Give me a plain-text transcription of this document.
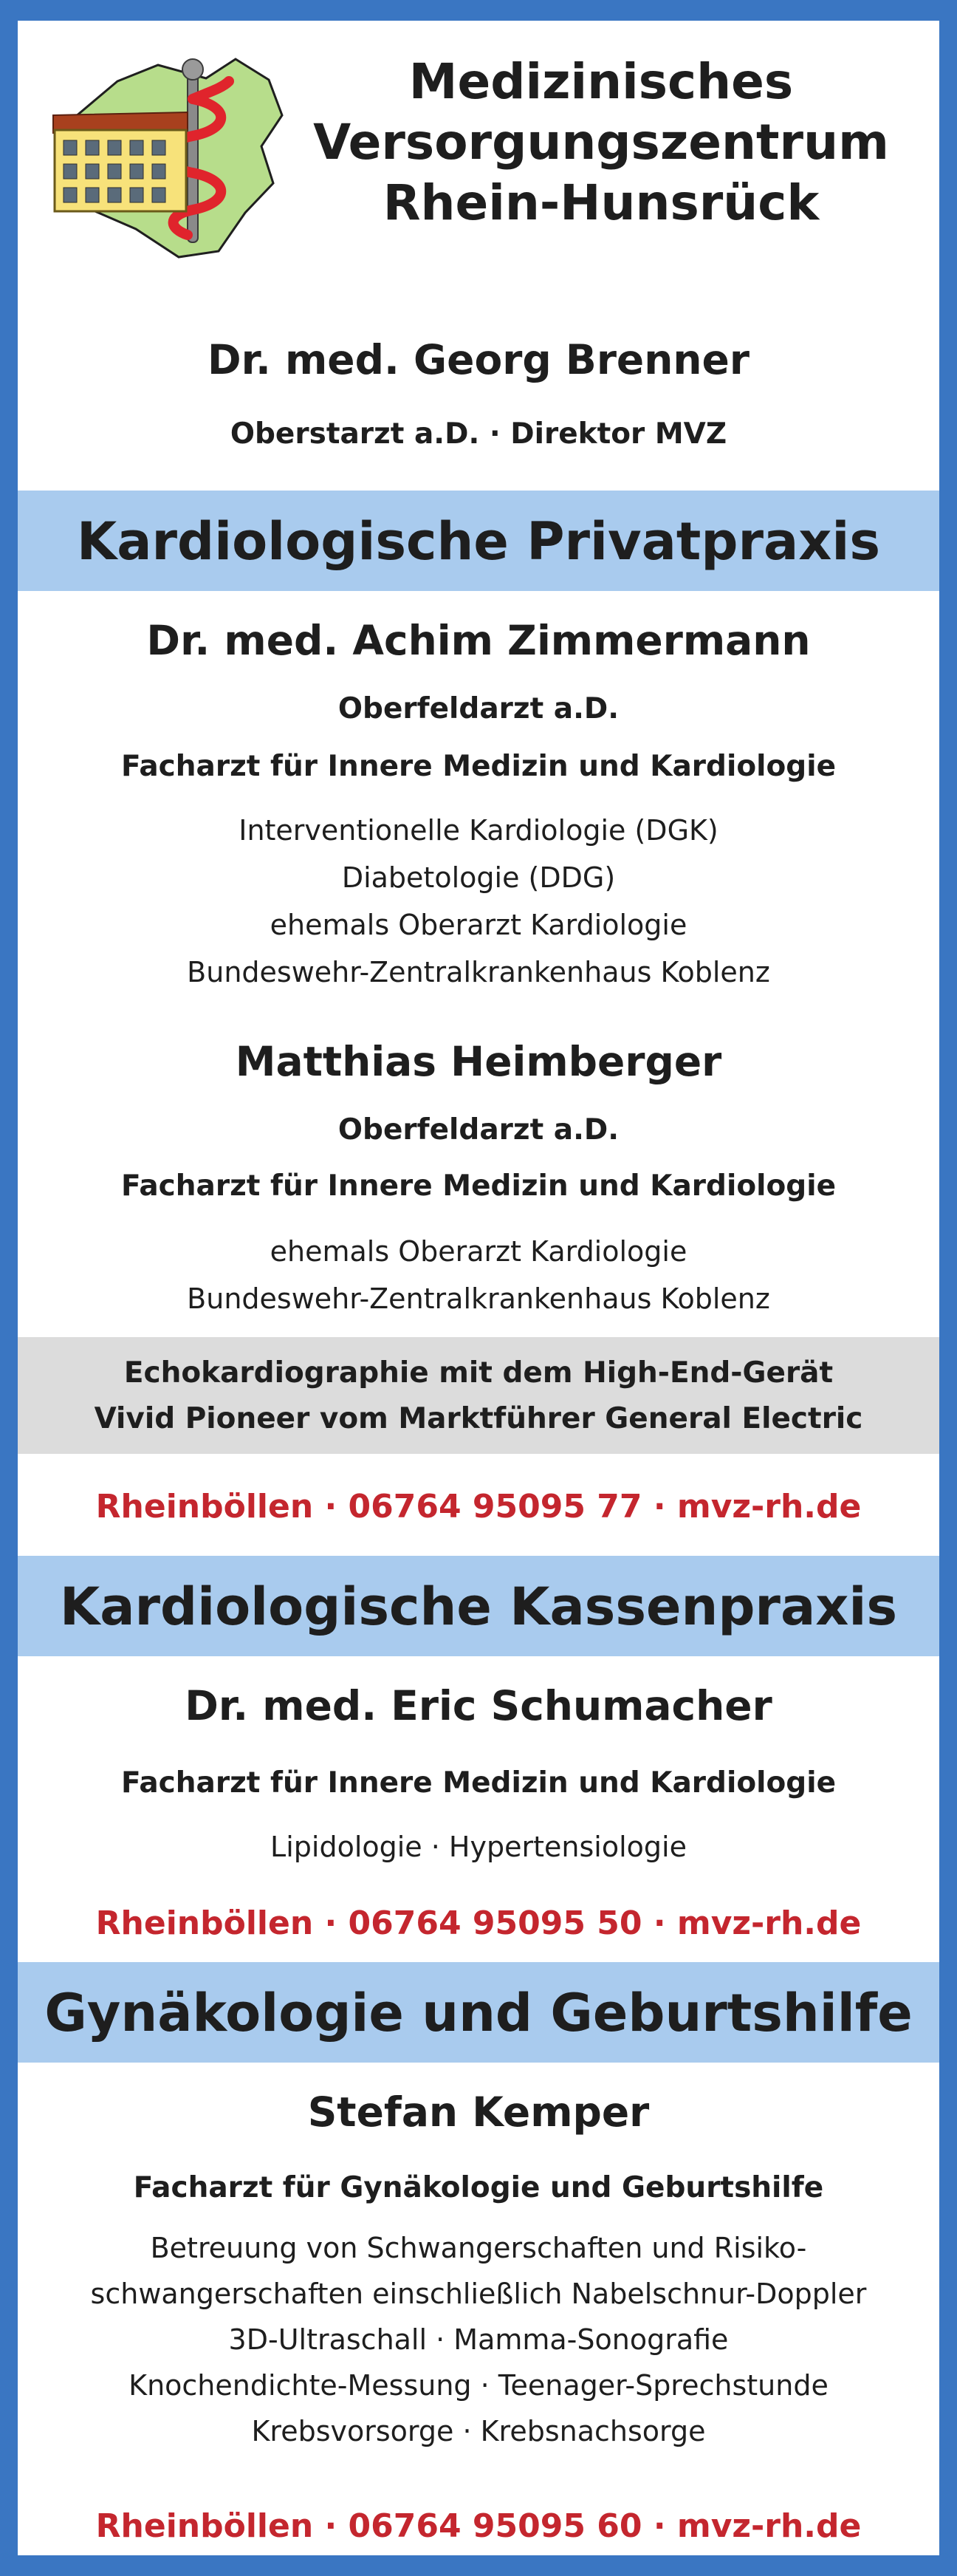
Medizinisches
Versorgungszentrum
Rhein-Hunsrück
Dr. med. Georg Brenner
Oberstarzt a.D. · Direktor MVZ
Kardiologische Privatpraxis
Dr. med. Achim Zimmermann
Oberfeldarzt a.D.
Facharzt für Innere Medizin und Kardiologie
Interventionelle Kardiologie (DGK)
Diabetologie (DDG)
ehemals Oberarzt Kardiologie
Bundeswehr-Zentralkrankenhaus Koblenz
Matthias Heimberger
Oberfeldarzt a.D.
Facharzt für Innere Medizin und Kardiologie
ehemals Oberarzt Kardiologie
Bundeswehr-Zentralkrankenhaus Koblenz
Echokardiographie mit dem High-End-Gerät
Vivid Pioneer vom Marktführer General Electric
Rheinböllen · 06764 95095 77 · mvz-rh.de
Kardiologische Kassenpraxis
Dr. med. Eric Schumacher
Facharzt für Innere Medizin und Kardiologie
Lipidologie · Hypertensiologie
Rheinböllen · 06764 95095 50 · mvz-rh.de
Gynäkologie und Geburtshilfe
Stefan Kemper
Facharzt für Gynäkologie und Geburtshilfe
Betreuung von Schwangerschaften und Risiko-
schwangerschaften einschließlich Nabelschnur-Doppler
3D-Ultraschall · Mamma-Sonografie
Knochendichte-Messung · Teenager-Sprechstunde
Krebsvorsorge · Krebsnachsorge
Rheinböllen · 06764 95095 60 · mvz-rh.de
